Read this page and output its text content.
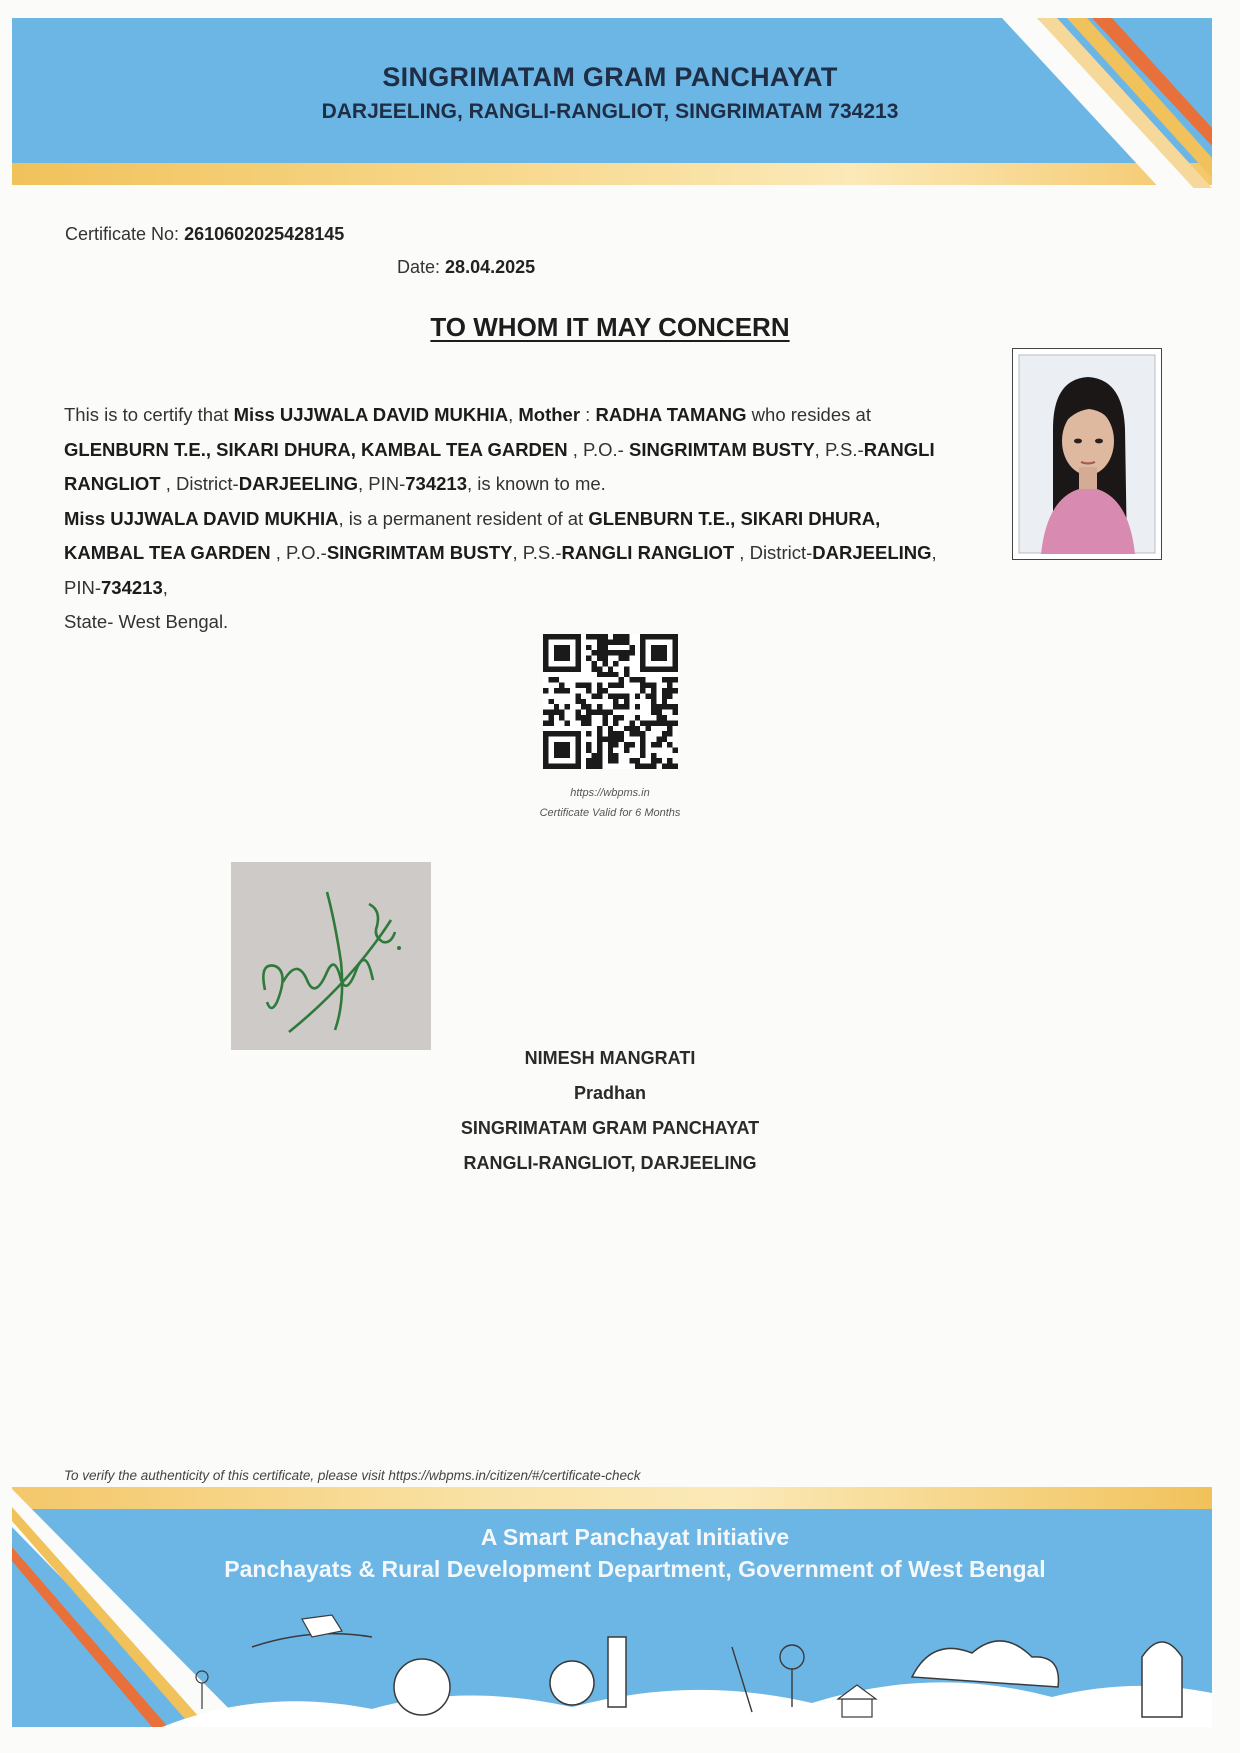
SINGRIMATAM GRAM PANCHAYAT
DARJEELING, RANGLI-RANGLIOT, SINGRIMATAM 734213
Certificate No: 2610602025428145
Date: 28.04.2025
TO WHOM IT MAY CONCERN
This is to certify that Miss UJJWALA DAVID MUKHIA, Mother : RADHA TAMANG who resides at GLENBURN T.E., SIKARI DHURA, KAMBAL TEA GARDEN , P.O.- SINGRIMTAM BUSTY, P.S.-RANGLI RANGLIOT , District-DARJEELING, PIN-734213, is known to me.
Miss UJJWALA DAVID MUKHIA, is a permanent resident of at GLENBURN T.E., SIKARI DHURA, KAMBAL TEA GARDEN , P.O.-SINGRIMTAM BUSTY, P.S.-RANGLI RANGLIOT , District-DARJEELING, PIN-734213,
State- West Bengal.
https://wbpms.in
Certificate Valid for 6 Months
NIMESH MANGRATI
Pradhan
SINGRIMATAM GRAM PANCHAYAT
RANGLI-RANGLIOT, DARJEELING
To verify the authenticity of this certificate, please visit https://wbpms.in/citizen/#/certificate-check
A Smart Panchayat Initiative
Panchayats & Rural Development Department, Government of West Bengal
